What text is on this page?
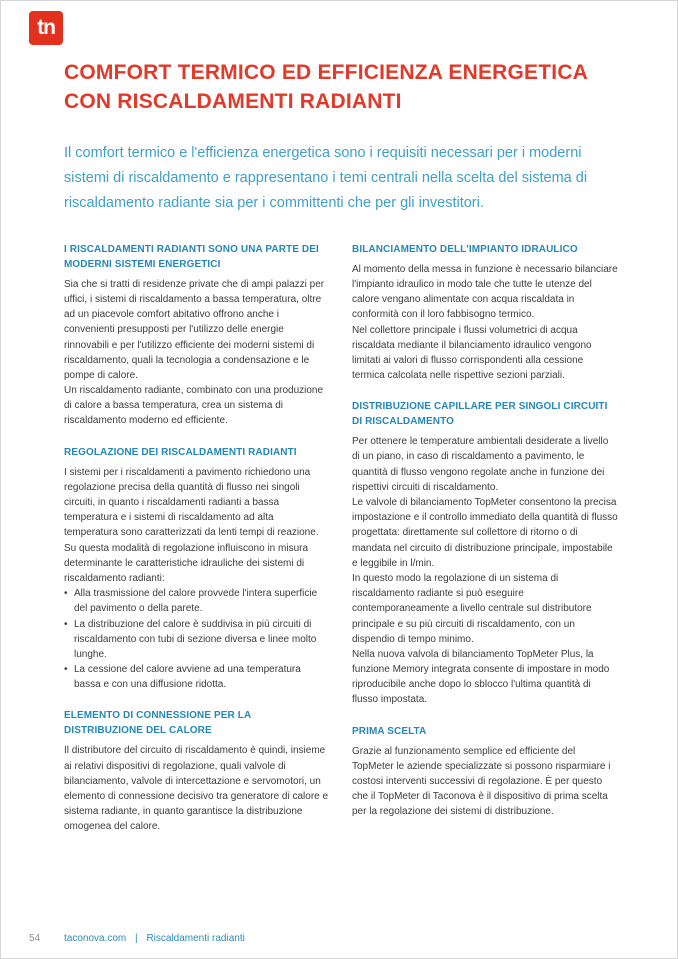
tn
COMFORT TERMICO ED EFFICIENZA ENERGETICA CON RISCALDAMENTI RADIANTI

Il comfort termico e l'efficienza energetica sono i requisiti necessari per i moderni sistemi di riscaldamento e rappresentano i temi centrali nella scelta del sistema di riscaldamento radiante sia per i committenti che per gli investitori.

I RISCALDAMENTI RADIANTI SONO UNA PARTE DEI MODERNI SISTEMI ENERGETICI

Sia che si tratti di residenze private che di ampi palazzi per uffici, i sistemi di riscaldamento a bassa temperatura, oltre ad un piacevole comfort abitativo offrono anche i convenienti presupposti per l'utilizzo delle energie rinnovabili e per l'utilizzo efficiente dei moderni sistemi di riscaldamento, quali la tecnologia a condensazione e le pompe di calore.

Un riscaldamento radiante, combinato con una produzione di calore a bassa temperatura, crea un sistema di riscaldamento moderno ed efficiente.

REGOLAZIONE DEI RISCALDAMENTI RADIANTI

I sistemi per i riscaldamenti a pavimento richiedono una regolazione precisa della quantità di flusso nei singoli circuiti, in quanto i riscaldamenti radianti a bassa temperatura e i sistemi di riscaldamento ad alta temperatura sono caratterizzati da lenti tempi di reazione. Su questa modalità di regolazione influiscono in misura determinante le caratteristiche idrauliche dei sistemi di riscaldamento radianti:

• Alla trasmissione del calore provvede l'intera superficie del pavimento o della parete.
• La distribuzione del calore è suddivisa in più circuiti di riscaldamento con tubi di sezione diversa e linee molto lunghe.
• La cessione del calore avviene ad una temperatura bassa e con una diffusione ridotta.
ELEMENTO DI CONNESSIONE PER LA DISTRIBUZIONE DEL CALORE

Il distributore del circuito di riscaldamento è quindi, insieme ai relativi dispositivi di regolazione, quali valvole di bilanciamento, valvole di intercettazione e servomotori, un elemento di connessione decisivo tra generatore di calore e sistema radiante, in quanto garantisce la distribuzione omogenea del calore.

BILANCIAMENTO DELL'IMPIANTO IDRAULICO

Al momento della messa in funzione è necessario bilanciare l'impianto idraulico in modo tale che tutte le utenze del calore vengano alimentate con acqua riscaldata in conformità con il loro fabbisogno termico.

Nel collettore principale i flussi volumetrici di acqua riscaldata mediante il bilanciamento idraulico vengono limitati ai valori di flusso corrispondenti alla cessione termica calcolata nelle rispettive sezioni parziali.

DISTRIBUZIONE CAPILLARE PER SINGOLI CIRCUITI DI RISCALDAMENTO

Per ottenere le temperature ambientali desiderate a livello di un piano, in caso di riscaldamento a pavimento, le quantità di flusso vengono regolate anche in funzione dei rispettivi circuiti di riscaldamento.

Le valvole di bilanciamento TopMeter consentono la precisa impostazione e il controllo immediato della quantità di flusso progettata: direttamente sul collettore di ritorno o di mandata nel circuito di distribuzione principale, impostabile e leggibile in l/min.

In questo modo la regolazione di un sistema di riscaldamento radiante si può eseguire contemporaneamente a livello centrale sul distributore principale e su più circuiti di riscaldamento, con un dispendio di tempo minimo.

Nella nuova valvola di bilanciamento TopMeter Plus, la funzione Memory integrata consente di impostare in modo riproducibile anche dopo lo sblocco l'ultima quantità di flusso impostata.

PRIMA SCELTA

Grazie al funzionamento semplice ed efficiente del TopMeter le aziende specializzate si possono risparmiare i costosi interventi successivi di regolazione. È per questo che il TopMeter di Taconova è il dispositivo di prima scelta per la regolazione dei sistemi di distribuzione.

54	taconova.com | Riscaldamenti radianti
